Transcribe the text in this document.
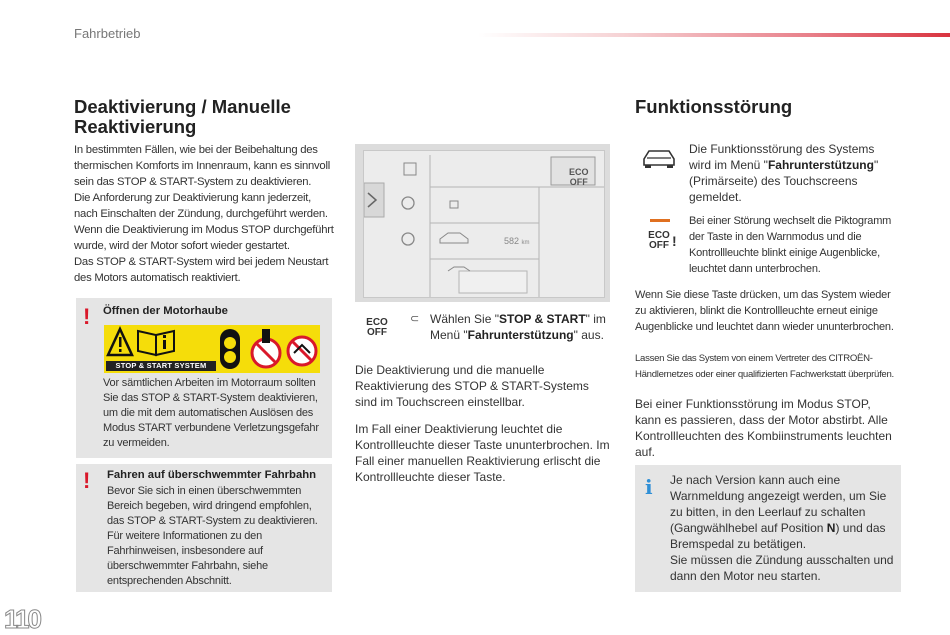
Fahrbetrieb
Deaktivierung / Manuelle Reaktivierung

In bestimmten Fällen, wie bei der Beibehaltung des thermischen Komforts im Innenraum, kann es sinnvoll sein das STOP & START-System zu deaktivieren.

Die Anforderung zur Deaktivierung kann jederzeit, nach Einschalten der Zündung, durchgeführt werden.

Wenn die Deaktivierung im Modus STOP durchgeführt wurde, wird der Motor sofort wieder gestartet.

Das STOP & START-System wird bei jedem Neustart des Motors automatisch reaktiviert.

! Öffnen der Motorhaube
STOP & START SYSTEM
Vor sämtlichen Arbeiten im Motorraum sollten Sie das STOP & START-System deaktivieren, um die mit dem automatischen Auslösen des Modus START verbundene Verletzungsgefahr zu vermeiden.
! Fahren auf überschwemmter Fahrbahn
Bevor Sie sich in einen überschwemmten Bereich begeben, wird dringend empfohlen, das STOP & START-System zu deaktivieren. Für weitere Informationen zu den Fahrhinweisen, insbesondere auf überschwemmter Fahrbahn, siehe entsprechenden Abschnitt.
110
ECO
OFF
582 km
ECO
OFF
⊂ Wählen Sie "STOP & START" im Menü "Fahrunterstützung" aus.
Die Deaktivierung und die manuelle Reaktivierung des STOP & START-Systems sind im Touchscreen einstellbar.
Im Fall einer Deaktivierung leuchtet die Kontrollleuchte dieser Taste ununterbrochen. Im Fall einer manuellen Reaktivierung erlischt die Kontrollleuchte dieser Taste.
Funktionsstörung
Die Funktionsstörung des Systems wird im Menü "Fahrunterstützung" (Primärseite) des Touchscreens gemeldet.
ECO
OFF !
Bei einer Störung wechselt die Piktogramm der Taste in den Warnmodus und die Kontrollleuchte blinkt einige Augenblicke, leuchtet dann unterbrochen.
Wenn Sie diese Taste drücken, um das System wieder zu aktivieren, blinkt die Kontrollleuchte erneut einige Augenblicke und leuchtet dann wieder ununterbrochen.
Lassen Sie das System von einem Vertreter des CITROËN-Händlernetzes oder einer qualifizierten Fachwerkstatt überprüfen.
Bei einer Funktionsstörung im Modus STOP, kann es passieren, dass der Motor abstirbt. Alle Kontrollleuchten des Kombiinstruments leuchten auf.
i Je nach Version kann auch eine Warnmeldung angezeigt werden, um Sie zu bitten, in den Leerlauf zu schalten (Gangwählhebel auf Position N) und das Bremspedal zu betätigen.
Sie müssen die Zündung ausschalten und dann den Motor neu starten.
